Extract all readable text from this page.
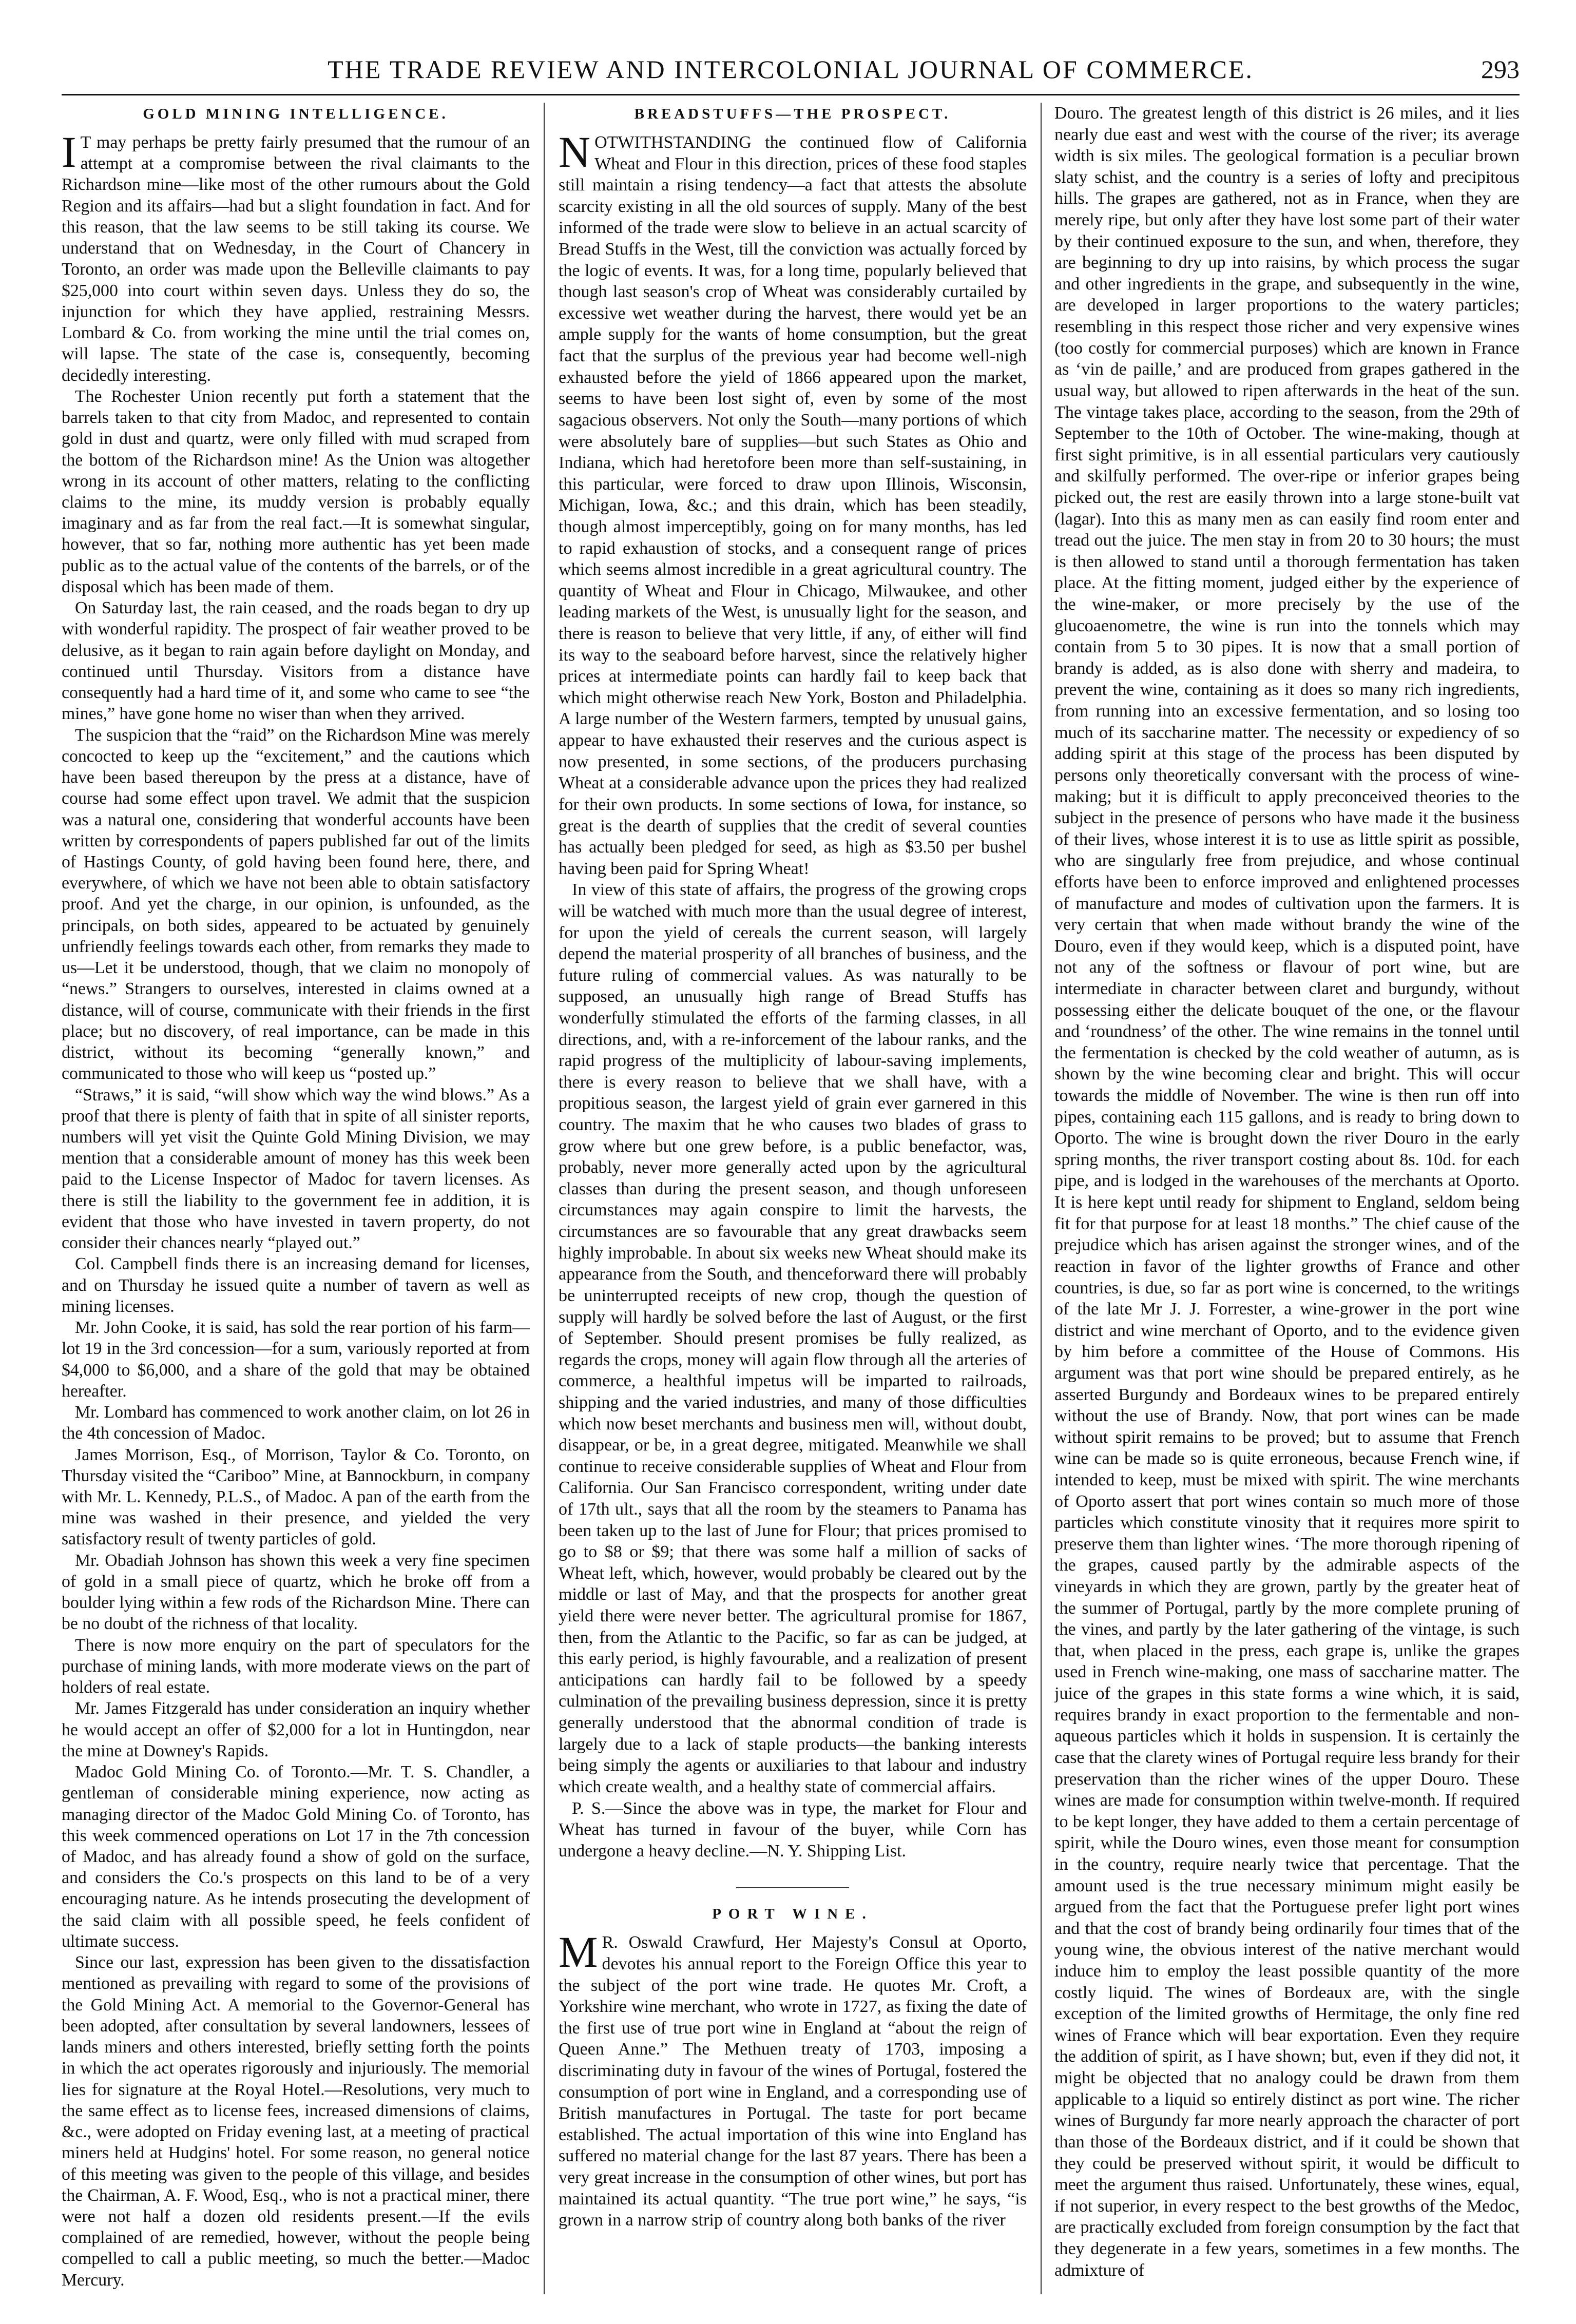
THE TRADE REVIEW AND INTERCOLONIAL JOURNAL OF COMMERCE.	293
GOLD MINING INTELLIGENCE.

I T may perhaps be pretty fairly presumed that the rumour of an attempt at a compromise between the rival claimants to the Richardson mine—like most of the other rumours about the Gold Region and its affairs—had but a slight foundation in fact. And for this reason, that the law seems to be still taking its course. We understand that on Wednesday, in the Court of Chancery in Toronto, an order was made upon the Belleville claimants to pay $25,000 into court within seven days. Unless they do so, the injunction for which they have applied, restraining Messrs. Lombard & Co. from working the mine until the trial comes on, will lapse. The state of the case is, consequently, becoming decidedly interesting.

The Rochester Union recently put forth a statement that the barrels taken to that city from Madoc, and represented to contain gold in dust and quartz, were only filled with mud scraped from the bottom of the Richardson mine! As the Union was altogether wrong in its account of other matters, relating to the conflicting claims to the mine, its muddy version is probably equally imaginary and as far from the real fact.—It is somewhat singular, however, that so far, nothing more authentic has yet been made public as to the actual value of the contents of the barrels, or of the disposal which has been made of them.

On Saturday last, the rain ceased, and the roads began to dry up with wonderful rapidity. The prospect of fair weather proved to be delusive, as it began to rain again before daylight on Monday, and continued until Thursday. Visitors from a distance have consequently had a hard time of it, and some who came to see “the mines,” have gone home no wiser than when they arrived.

The suspicion that the “raid” on the Richardson Mine was merely concocted to keep up the “excitement,” and the cautions which have been based thereupon by the press at a distance, have of course had some effect upon travel. We admit that the suspicion was a natural one, considering that wonderful accounts have been written by correspondents of papers published far out of the limits of Hastings County, of gold having been found here, there, and everywhere, of which we have not been able to obtain satisfactory proof. And yet the charge, in our opinion, is unfounded, as the principals, on both sides, appeared to be actuated by genuinely unfriendly feelings towards each other, from remarks they made to us—Let it be understood, though, that we claim no monopoly of “news.” Strangers to ourselves, interested in claims owned at a distance, will of course, communicate with their friends in the first place; but no discovery, of real importance, can be made in this district, without its becoming “generally known,” and communicated to those who will keep us “posted up.”

“Straws,” it is said, “will show which way the wind blows.” As a proof that there is plenty of faith that in spite of all sinister reports, numbers will yet visit the Quinte Gold Mining Division, we may mention that a considerable amount of money has this week been paid to the License Inspector of Madoc for tavern licenses. As there is still the liability to the government fee in addition, it is evident that those who have invested in tavern property, do not consider their chances nearly “played out.”

Col. Campbell finds there is an increasing demand for licenses, and on Thursday he issued quite a number of tavern as well as mining licenses.

Mr. John Cooke, it is said, has sold the rear portion of his farm—lot 19 in the 3rd concession—for a sum, variously reported at from $4,000 to $6,000, and a share of the gold that may be obtained hereafter.

Mr. Lombard has commenced to work another claim, on lot 26 in the 4th concession of Madoc.

James Morrison, Esq., of Morrison, Taylor & Co. Toronto, on Thursday visited the “Cariboo” Mine, at Bannockburn, in company with Mr. L. Kennedy, P.L.S., of Madoc. A pan of the earth from the mine was washed in their presence, and yielded the very satisfactory result of twenty particles of gold.

Mr. Obadiah Johnson has shown this week a very fine specimen of gold in a small piece of quartz, which he broke off from a boulder lying within a few rods of the Richardson Mine. There can be no doubt of the richness of that locality.

There is now more enquiry on the part of speculators for the purchase of mining lands, with more moderate views on the part of holders of real estate.

Mr. James Fitzgerald has under consideration an inquiry whether he would accept an offer of $2,000 for a lot in Huntingdon, near the mine at Downey's Rapids.

Madoc Gold Mining Co. of Toronto.—Mr. T. S. Chandler, a gentleman of considerable mining experience, now acting as managing director of the Madoc Gold Mining Co. of Toronto, has this week commenced operations on Lot 17 in the 7th concession of Madoc, and has already found a show of gold on the surface, and considers the Co.'s prospects on this land to be of a very encouraging nature. As he intends prosecuting the development of the said claim with all possible speed, he feels confident of ultimate success.

Since our last, expression has been given to the dissatisfaction mentioned as prevailing with regard to some of the provisions of the Gold Mining Act. A memorial to the Governor-General has been adopted, after consultation by several landowners, lessees of lands miners and others interested, briefly setting forth the points in which the act operates rigorously and injuriously. The memorial lies for signature at the Royal Hotel.—Resolutions, very much to the same effect as to license fees, increased dimensions of claims, &c., were adopted on Friday evening last, at a meeting of practical miners held at Hudgins' hotel. For some reason, no general notice of this meeting was given to the people of this village, and besides the Chairman, A. F. Wood, Esq., who is not a practical miner, there were not half a dozen old residents present.—If the evils complained of are remedied, however, without the people being compelled to call a public meeting, so much the better.—Madoc Mercury.

BREADSTUFFS—THE PROSPECT.

NOTWITHSTANDING the continued flow of California Wheat and Flour in this direction, prices of these food staples still maintain a rising tendency—a fact that attests the absolute scarcity existing in all the old sources of supply. Many of the best informed of the trade were slow to believe in an actual scarcity of Bread Stuffs in the West, till the conviction was actually forced by the logic of events. It was, for a long time, popularly believed that though last season's crop of Wheat was considerably curtailed by excessive wet weather during the harvest, there would yet be an ample supply for the wants of home consumption, but the great fact that the surplus of the previous year had become well-nigh exhausted before the yield of 1866 appeared upon the market, seems to have been lost sight of, even by some of the most sagacious observers. Not only the South—many portions of which were absolutely bare of supplies—but such States as Ohio and Indiana, which had heretofore been more than self-sustaining, in this particular, were forced to draw upon Illinois, Wisconsin, Michigan, Iowa, &c.; and this drain, which has been steadily, though almost imperceptibly, going on for many months, has led to rapid exhaustion of stocks, and a consequent range of prices which seems almost incredible in a great agricultural country. The quantity of Wheat and Flour in Chicago, Milwaukee, and other leading markets of the West, is unusually light for the season, and there is reason to believe that very little, if any, of either will find its way to the seaboard before harvest, since the relatively higher prices at intermediate points can hardly fail to keep back that which might otherwise reach New York, Boston and Philadelphia. A large number of the Western farmers, tempted by unusual gains, appear to have exhausted their reserves and the curious aspect is now presented, in some sections, of the producers purchasing Wheat at a considerable advance upon the prices they had realized for their own products. In some sections of Iowa, for instance, so great is the dearth of supplies that the credit of several counties has actually been pledged for seed, as high as $3.50 per bushel having been paid for Spring Wheat!

In view of this state of affairs, the progress of the growing crops will be watched with much more than the usual degree of interest, for upon the yield of cereals the current season, will largely depend the material prosperity of all branches of business, and the future ruling of commercial values. As was naturally to be supposed, an unusually high range of Bread Stuffs has wonderfully stimulated the efforts of the farming classes, in all directions, and, with a re-inforcement of the labour ranks, and the rapid progress of the multiplicity of labour-saving implements, there is every reason to believe that we shall have, with a propitious season, the largest yield of grain ever garnered in this country. The maxim that he who causes two blades of grass to grow where but one grew before, is a public benefactor, was, probably, never more generally acted upon by the agricultural classes than during the present season, and though unforeseen circumstances may again conspire to limit the harvests, the circumstances are so favourable that any great drawbacks seem highly improbable. In about six weeks new Wheat should make its appearance from the South, and thenceforward there will probably be uninterrupted receipts of new crop, though the question of supply will hardly be solved before the last of August, or the first of September. Should present promises be fully realized, as regards the crops, money will again flow through all the arteries of commerce, a healthful impetus will be imparted to railroads, shipping and the varied industries, and many of those difficulties which now beset merchants and business men will, without doubt, disappear, or be, in a great degree, mitigated. Meanwhile we shall continue to receive considerable supplies of Wheat and Flour from California. Our San Francisco correspondent, writing under date of 17th ult., says that all the room by the steamers to Panama has been taken up to the last of June for Flour; that prices promised to go to $8 or $9; that there was some half a million of sacks of Wheat left, which, however, would probably be cleared out by the middle or last of May, and that the prospects for another great yield there were never better. The agricultural promise for 1867, then, from the Atlantic to the Pacific, so far as can be judged, at this early period, is highly favourable, and a realization of present anticipations can hardly fail to be followed by a speedy culmination of the prevailing business depression, since it is pretty generally understood that the abnormal condition of trade is largely due to a lack of staple products—the banking interests being simply the agents or auxiliaries to that labour and industry which create wealth, and a healthy state of commercial affairs.

P. S.—Since the above was in type, the market for Flour and Wheat has turned in favour of the buyer, while Corn has undergone a heavy decline.—N. Y. Shipping List.

PORT WINE.

M R. Oswald Crawfurd, Her Majesty's Consul at Oporto, devotes his annual report to the Foreign Office this year to the subject of the port wine trade. He quotes Mr. Croft, a Yorkshire wine merchant, who wrote in 1727, as fixing the date of the first use of true port wine in England at “about the reign of Queen Anne.” The Methuen treaty of 1703, imposing a discriminating duty in favour of the wines of Portugal, fostered the consumption of port wine in England, and a corresponding use of British manufactures in Portugal. The taste for port became established. The actual importation of this wine into England has suffered no material change for the last 87 years. There has been a very great increase in the consumption of other wines, but port has maintained its actual quantity. “The true port wine,” he says, “is grown in a narrow strip of country along both banks of the river

Douro. The greatest length of this district is 26 miles, and it lies nearly due east and west with the course of the river; its average width is six miles. The geological formation is a peculiar brown slaty schist, and the country is a series of lofty and precipitous hills. The grapes are gathered, not as in France, when they are merely ripe, but only after they have lost some part of their water by their continued exposure to the sun, and when, therefore, they are beginning to dry up into raisins, by which process the sugar and other ingredients in the grape, and subsequently in the wine, are developed in larger proportions to the watery particles; resembling in this respect those richer and very expensive wines (too costly for commercial purposes) which are known in France as ‘vin de paille,’ and are produced from grapes gathered in the usual way, but allowed to ripen afterwards in the heat of the sun. The vintage takes place, according to the season, from the 29th of September to the 10th of October. The wine-making, though at first sight primitive, is in all essential particulars very cautiously and skilfully performed. The over-ripe or inferior grapes being picked out, the rest are easily thrown into a large stone-built vat (lagar). Into this as many men as can easily find room enter and tread out the juice. The men stay in from 20 to 30 hours; the must is then allowed to stand until a thorough fermentation has taken place. At the fitting moment, judged either by the experience of the wine-maker, or more precisely by the use of the glucoaenometre, the wine is run into the tonnels which may contain from 5 to 30 pipes. It is now that a small portion of brandy is added, as is also done with sherry and madeira, to prevent the wine, containing as it does so many rich ingredients, from running into an excessive fermentation, and so losing too much of its saccharine matter. The necessity or expediency of so adding spirit at this stage of the process has been disputed by persons only theoretically conversant with the process of wine-making; but it is difficult to apply preconceived theories to the subject in the presence of persons who have made it the business of their lives, whose interest it is to use as little spirit as possible, who are singularly free from prejudice, and whose continual efforts have been to enforce improved and enlightened processes of manufacture and modes of cultivation upon the farmers. It is very certain that when made without brandy the wine of the Douro, even if they would keep, which is a disputed point, have not any of the softness or flavour of port wine, but are intermediate in character between claret and burgundy, without possessing either the delicate bouquet of the one, or the flavour and ‘roundness’ of the other. The wine remains in the tonnel until the fermentation is checked by the cold weather of autumn, as is shown by the wine becoming clear and bright. This will occur towards the middle of November. The wine is then run off into pipes, containing each 115 gallons, and is ready to bring down to Oporto. The wine is brought down the river Douro in the early spring months, the river transport costing about 8s. 10d. for each pipe, and is lodged in the warehouses of the merchants at Oporto. It is here kept until ready for shipment to England, seldom being fit for that purpose for at least 18 months.” The chief cause of the prejudice which has arisen against the stronger wines, and of the reaction in favor of the lighter growths of France and other countries, is due, so far as port wine is concerned, to the writings of the late Mr J. J. Forrester, a wine-grower in the port wine district and wine merchant of Oporto, and to the evidence given by him before a committee of the House of Commons. His argument was that port wine should be prepared entirely, as he asserted Burgundy and Bordeaux wines to be prepared entirely without the use of Brandy. Now, that port wines can be made without spirit remains to be proved; but to assume that French wine can be made so is quite erroneous, because French wine, if intended to keep, must be mixed with spirit. The wine merchants of Oporto assert that port wines contain so much more of those particles which constitute vinosity that it requires more spirit to preserve them than lighter wines. ‘The more thorough ripening of the grapes, caused partly by the admirable aspects of the vineyards in which they are grown, partly by the greater heat of the summer of Portugal, partly by the more complete pruning of the vines, and partly by the later gathering of the vintage, is such that, when placed in the press, each grape is, unlike the grapes used in French wine-making, one mass of saccharine matter. The juice of the grapes in this state forms a wine which, it is said, requires brandy in exact proportion to the fermentable and non-aqueous particles which it holds in suspension. It is certainly the case that the clarety wines of Portugal require less brandy for their preservation than the richer wines of the upper Douro. These wines are made for consumption within twelve-month. If required to be kept longer, they have added to them a certain percentage of spirit, while the Douro wines, even those meant for consumption in the country, require nearly twice that percentage. That the amount used is the true necessary minimum might easily be argued from the fact that the Portuguese prefer light port wines and that the cost of brandy being ordinarily four times that of the young wine, the obvious interest of the native merchant would induce him to employ the least possible quantity of the more costly liquid. The wines of Bordeaux are, with the single exception of the limited growths of Hermitage, the only fine red wines of France which will bear exportation. Even they require the addition of spirit, as I have shown; but, even if they did not, it might be objected that no analogy could be drawn from them applicable to a liquid so entirely distinct as port wine. The richer wines of Burgundy far more nearly approach the character of port than those of the Bordeaux district, and if it could be shown that they could be preserved without spirit, it would be difficult to meet the argument thus raised. Unfortunately, these wines, equal, if not superior, in every respect to the best growths of the Medoc, are practically excluded from foreign consumption by the fact that they degenerate in a few years, sometimes in a few months. The admixture of
